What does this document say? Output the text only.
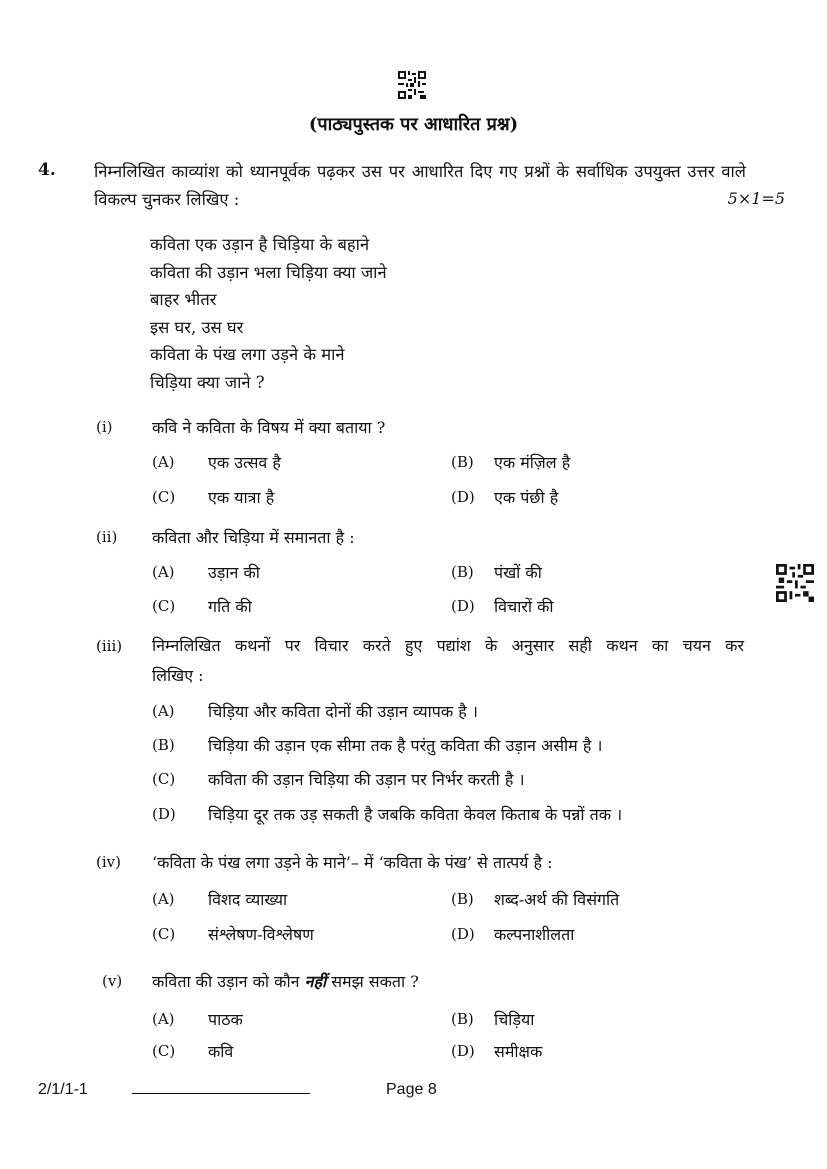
(पाठ्यपुस्तक पर आधारित प्रश्न)
4. निम्नलिखित काव्यांश को ध्यानपूर्वक पढ़कर उस पर आधारित दिए गए प्रश्नों के सर्वाधिक उपयुक्त उत्तर वाले विकल्प चुनकर लिखिए :	5×1=5
कविता एक उड़ान है चिड़िया के बहाने
कविता की उड़ान भला चिड़िया क्या जाने
बाहर भीतर
इस घर, उस घर
कविता के पंख लगा उड़ने के माने
चिड़िया क्या जाने ?
(i) कवि ने कविता के विषय में क्या बताया ?
(A) एक उत्सव है	(B) एक मंज़िल है
(C) एक यात्रा है	(D) एक पंछी है
(ii) कविता और चिड़िया में समानता है :
(A) उड़ान की	(B) पंखों की
(C) गति की	(D) विचारों की
(iii) निम्नलिखित कथनों पर विचार करते हुए पद्यांश के अनुसार सही कथन का चयन कर
लिखिए :
(A) चिड़िया और कविता दोनों की उड़ान व्यापक है ।
(B) चिड़िया की उड़ान एक सीमा तक है परंतु कविता की उड़ान असीम है ।
(C) कविता की उड़ान चिड़िया की उड़ान पर निर्भर करती है ।
(D) चिड़िया दूर तक उड़ सकती है जबकि कविता केवल किताब के पन्नों तक ।
(iv) ‘कविता के पंख लगा उड़ने के माने’– में ‘कविता के पंख’ से तात्पर्य है :
(A) विशद व्याख्या	(B) शब्द-अर्थ की विसंगति
(C) संश्लेषण-विश्लेषण	(D) कल्पनाशीलता
(v) कविता की उड़ान को कौन नहीं समझ सकता ?
(A) पाठक	(B) चिड़िया
(C) कवि	(D) समीक्षक
2/1/1-1	Page 8
